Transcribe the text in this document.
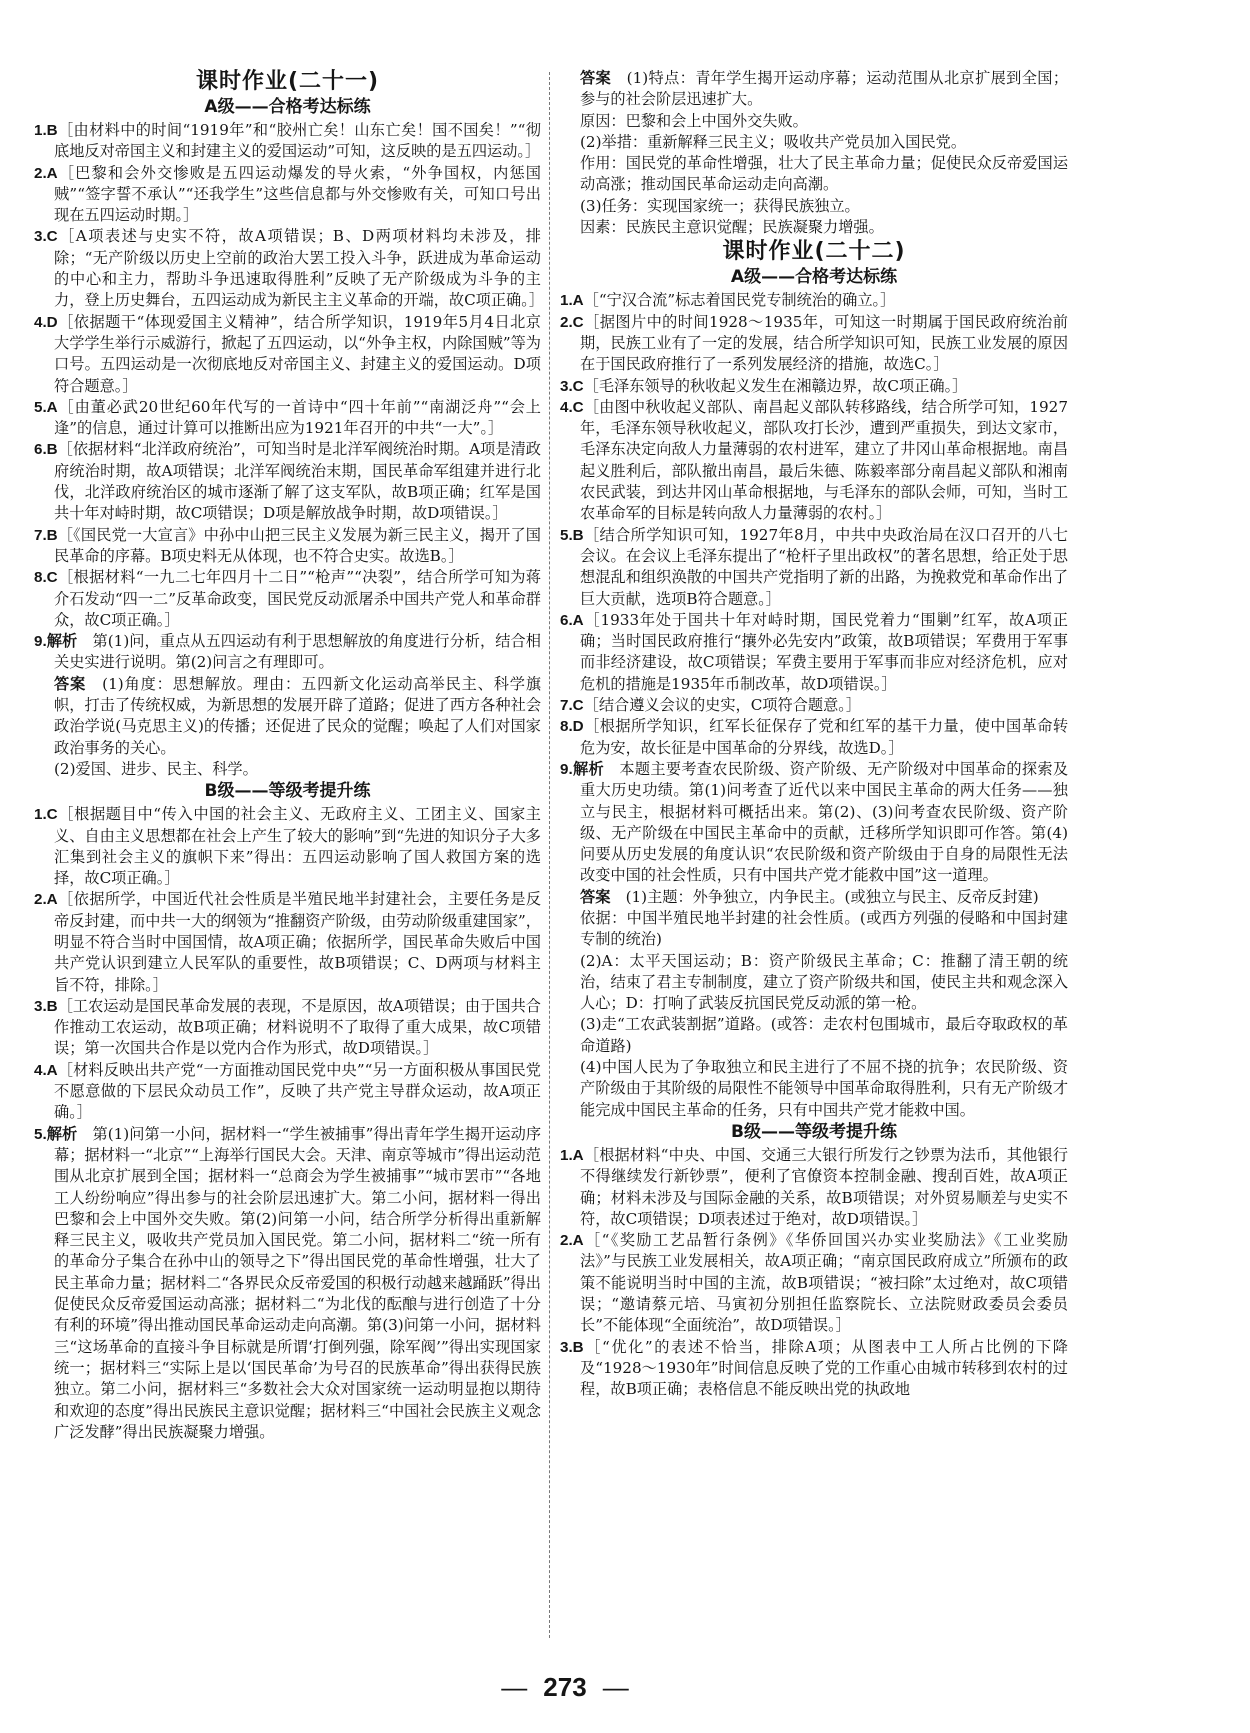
课时作业(二十一)
A级——合格考达标练

1.B［由材料中的时间“1919年”和“胶州亡矣！山东亡矣！国不国矣！”“彻底地反对帝国主义和封建主义的爱国运动”可知，这反映的是五四运动。］

2.A［巴黎和会外交惨败是五四运动爆发的导火索，“外争国权，内惩国贼”“签字誓不承认”“还我学生”这些信息都与外交惨败有关，可知口号出现在五四运动时期。］

3.C［A项表述与史实不符，故A项错误；B、D两项材料均未涉及，排除；“无产阶级以历史上空前的政治大罢工投入斗争，跃进成为革命运动的中心和主力，帮助斗争迅速取得胜利”反映了无产阶级成为斗争的主力，登上历史舞台，五四运动成为新民主主义革命的开端，故C项正确。］

4.D［依据题干“体现爱国主义精神”，结合所学知识，1919年5月4日北京大学学生举行示威游行，掀起了五四运动，以“外争主权，内除国贼”等为口号。五四运动是一次彻底地反对帝国主义、封建主义的爱国运动。D项符合题意。］

5.A［由董必武20世纪60年代写的一首诗中“四十年前”“南湖泛舟”“会上逢”的信息，通过计算可以推断出应为1921年召开的中共“一大”。］

6.B［依据材料“北洋政府统治”，可知当时是北洋军阀统治时期。A项是清政府统治时期，故A项错误；北洋军阀统治末期，国民革命军组建并进行北伐，北洋政府统治区的城市逐渐了解了这支军队，故B项正确；红军是国共十年对峙时期，故C项错误；D项是解放战争时期，故D项错误。］

7.B［《国民党一大宣言》中孙中山把三民主义发展为新三民主义，揭开了国民革命的序幕。B项史料无从体现，也不符合史实。故选B。］

8.C［根据材料“一九二七年四月十二日”“枪声”“决裂”，结合所学可知为蒋介石发动“四一二”反革命政变，国民党反动派屠杀中国共产党人和革命群众，故C项正确。］

9.解析　 第(1)问，重点从五四运动有利于思想解放的角度进行分析，结合相关史实进行说明。第(2)问言之有理即可。

答案　 (1)角度：思想解放。理由：五四新文化运动高举民主、科学旗帜，打击了传统权威，为新思想的发展开辟了道路；促进了西方各种社会政治学说(马克思主义)的传播；还促进了民众的觉醒；唤起了人们对国家政治事务的关心。

(2)爱国、进步、民主、科学。

B级——等级考提升练

1.C［根据题目中“传入中国的社会主义、无政府主义、工团主义、国家主义、自由主义思想都在社会上产生了较大的影响”到“先进的知识分子大多汇集到社会主义的旗帜下来”得出：五四运动影响了国人救国方案的选择，故C项正确。］

2.A［依据所学，中国近代社会性质是半殖民地半封建社会，主要任务是反帝反封建，而中共一大的纲领为“推翻资产阶级，由劳动阶级重建国家”，明显不符合当时中国国情，故A项正确；依据所学，国民革命失败后中国共产党认识到建立人民军队的重要性，故B项错误；C、D两项与材料主旨不符，排除。］

3.B［工农运动是国民革命发展的表现，不是原因，故A项错误；由于国共合作推动工农运动，故B项正确；材料说明不了取得了重大成果，故C项错误；第一次国共合作是以党内合作为形式，故D项错误。］

4.A［材料反映出共产党“一方面推动国民党中央”“另一方面积极从事国民党不愿意做的下层民众动员工作”，反映了共产党主导群众运动，故A项正确。］

5.解析　 第(1)问第一小问，据材料一“学生被捕事”得出青年学生揭开运动序幕；据材料一“北京”“上海举行国民大会。天津、南京等城市”得出运动范围从北京扩展到全国；据材料一“总商会为学生被捕事”“城市罢市”“各地工人纷纷响应”得出参与的社会阶层迅速扩大。第二小问，据材料一得出巴黎和会上中国外交失败。第(2)问第一小问，结合所学分析得出重新解释三民主义，吸收共产党员加入国民党。第二小问，据材料二“统一所有的革命分子集合在孙中山的领导之下”得出国民党的革命性增强，壮大了民主革命力量；据材料二“各界民众反帝爱国的积极行动越来越踊跃”得出促使民众反帝爱国运动高涨；据材料二“为北伐的酝酿与进行创造了十分有利的环境”得出推动国民革命运动走向高潮。第(3)问第一小问，据材料三“这场革命的直接斗争目标就是所谓‘打倒列强，除军阀’”得出实现国家统一；据材料三“实际上是以‘国民革命’为号召的民族革命”得出获得民族独立。第二小问，据材料三“多数社会大众对国家统一运动明显抱以期待和欢迎的态度”得出民族民主意识觉醒；据材料三“中国社会民族主义观念广泛发酵”得出民族凝聚力增强。

答案　 (1)特点：青年学生揭开运动序幕；运动范围从北京扩展到全国；参与的社会阶层迅速扩大。

原因：巴黎和会上中国外交失败。

(2)举措：重新解释三民主义；吸收共产党员加入国民党。

作用：国民党的革命性增强，壮大了民主革命力量；促使民众反帝爱国运动高涨；推动国民革命运动走向高潮。

(3)任务：实现国家统一；获得民族独立。

因素：民族民主意识觉醒；民族凝聚力增强。

课时作业(二十二)
A级——合格考达标练

1.A［“宁汉合流”标志着国民党专制统治的确立。］

2.C［据图片中的时间1928～1935年，可知这一时期属于国民政府统治前期，民族工业有了一定的发展，结合所学知识可知，民族工业发展的原因在于国民政府推行了一系列发展经济的措施，故选C。］

3.C［毛泽东领导的秋收起义发生在湘赣边界，故C项正确。］

4.C［由图中秋收起义部队、南昌起义部队转移路线，结合所学可知，1927年，毛泽东领导秋收起义，部队攻打长沙，遭到严重损失，到达文家市，毛泽东决定向敌人力量薄弱的农村进军，建立了井冈山革命根据地。南昌起义胜利后，部队撤出南昌，最后朱德、陈毅率部分南昌起义部队和湘南农民武装，到达井冈山革命根据地，与毛泽东的部队会师，可知，当时工农革命军的目标是转向敌人力量薄弱的农村。］

5.B［结合所学知识可知，1927年8月，中共中央政治局在汉口召开的八七会议。在会议上毛泽东提出了“枪杆子里出政权”的著名思想，给正处于思想混乱和组织涣散的中国共产党指明了新的出路，为挽救党和革命作出了巨大贡献，选项B符合题意。］

6.A［1933年处于国共十年对峙时期，国民党着力“围剿”红军，故A项正确；当时国民政府推行“攘外必先安内”政策，故B项错误；军费用于军事而非经济建设，故C项错误；军费主要用于军事而非应对经济危机，应对危机的措施是1935年币制改革，故D项错误。］

7.C［结合遵义会议的史实，C项符合题意。］

8.D［根据所学知识，红军长征保存了党和红军的基干力量，使中国革命转危为安，故长征是中国革命的分界线，故选D。］

9.解析　 本题主要考查农民阶级、资产阶级、无产阶级对中国革命的探索及重大历史功绩。第(1)问考查了近代以来中国民主革命的两大任务——独立与民主，根据材料可概括出来。第(2)、(3)问考查农民阶级、资产阶级、无产阶级在中国民主革命中的贡献，迁移所学知识即可作答。第(4)问要从历史发展的角度认识“农民阶级和资产阶级由于自身的局限性无法改变中国的社会性质，只有中国共产党才能救中国”这一道理。

答案　 (1)主题：外争独立，内争民主。(或独立与民主、反帝反封建)

依据：中国半殖民地半封建的社会性质。(或西方列强的侵略和中国封建专制的统治)

(2)A：太平天国运动；B：资产阶级民主革命；C：推翻了清王朝的统治，结束了君主专制制度，建立了资产阶级共和国，使民主共和观念深入人心；D：打响了武装反抗国民党反动派的第一枪。

(3)走“工农武装割据”道路。(或答：走农村包围城市，最后夺取政权的革命道路)

(4)中国人民为了争取独立和民主进行了不屈不挠的抗争；农民阶级、资产阶级由于其阶级的局限性不能领导中国革命取得胜利，只有无产阶级才能完成中国民主革命的任务，只有中国共产党才能救中国。

B级——等级考提升练

1.A［根据材料“中央、中国、交通三大银行所发行之钞票为法币，其他银行不得继续发行新钞票”，便利了官僚资本控制金融、搜刮百姓，故A项正确；材料未涉及与国际金融的关系，故B项错误；对外贸易顺差与史实不符，故C项错误；D项表述过于绝对，故D项错误。］

2.A［“《奖励工艺品暂行条例》《华侨回国兴办实业奖励法》《工业奖励法》”与民族工业发展相关，故A项正确；“南京国民政府成立”所颁布的政策不能说明当时中国的主流，故B项错误；“被扫除”太过绝对，故C项错误；“邀请蔡元培、马寅初分别担任监察院长、立法院财政委员会委员长”不能体现“全面统治”，故D项错误。］

3.B［“优化”的表述不恰当，排除A项；从图表中工人所占比例的下降及“1928～1930年”时间信息反映了党的工作重心由城市转移到农村的过程，故B项正确；表格信息不能反映出党的执政地

— 273 —
